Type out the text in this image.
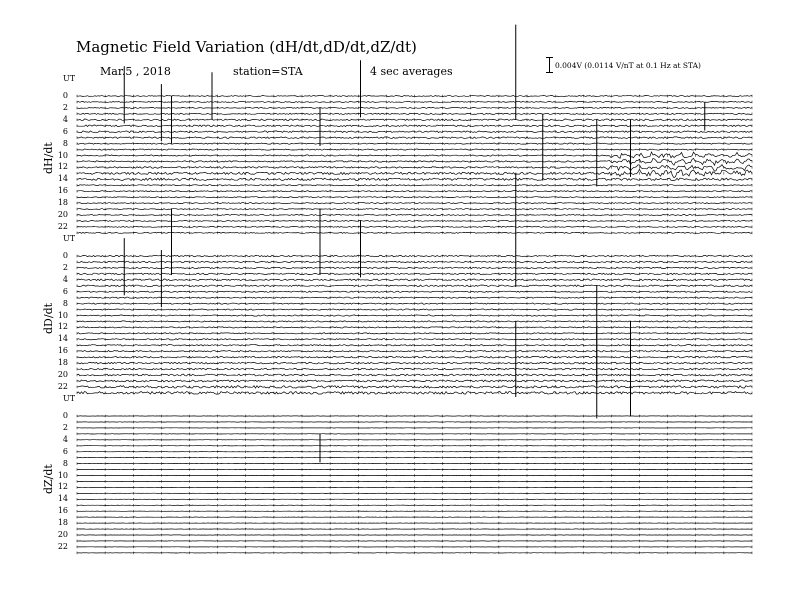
Magnetic Field Variation (dH/dt,dD/dt,dZ/dt)
Mar.5 , 2018	station=STA	4 sec averages	0.004V (0.0114 V/nT at 0.1 Hz at STA)
UT
dH/dt
0
2
4
6
8
10
12
14
16
18
20
22
UT
dD/dt
0
2
4
6
8
10
12
14
16
18
20
22
UT
dZ/dt
0
2
4
6
8
10
12
14
16
18
20
22
